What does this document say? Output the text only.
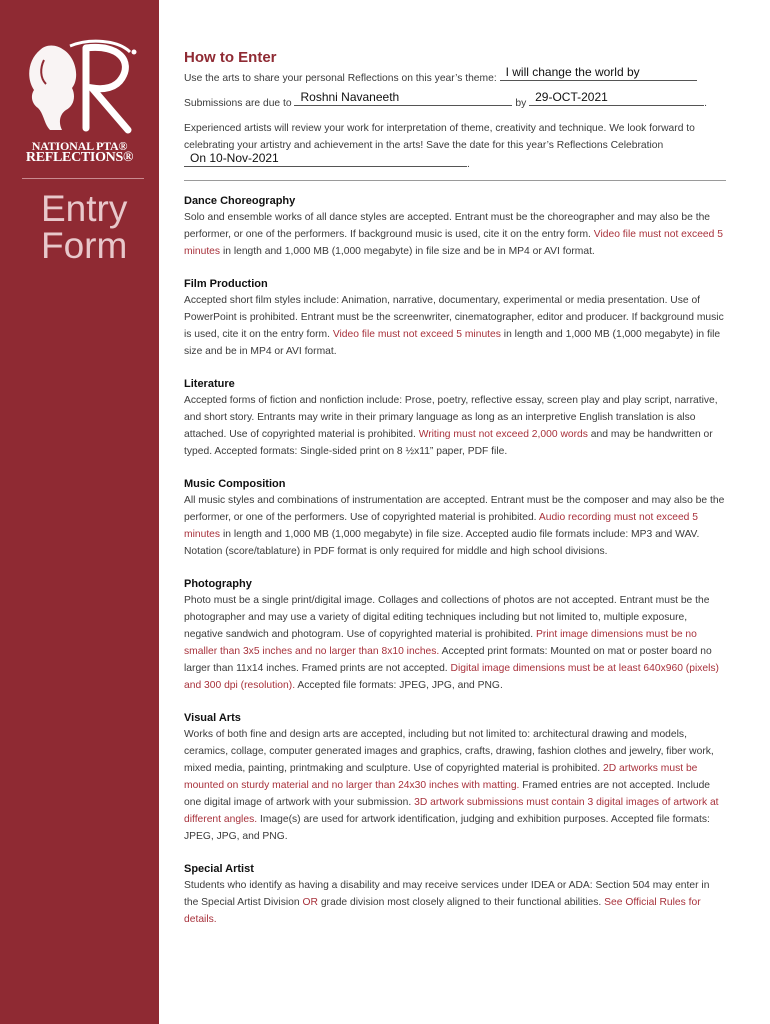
NATIONAL PTA®
REFLECTIONS®
Entry
Form
How to Enter
Use the arts to share your personal Reflections on this year’s theme: I will change the world by
Submissions are due to Roshni Navaneeth	by 29-OCT-2021	.
Experienced artists will review your work for interpretation of theme, creativity and technique. We look forward to celebrating your artistry and achievement in the arts! Save the date for this year’s Reflections Celebration
On 10-Nov-2021	.
Dance Choreography

Solo and ensemble works of all dance styles are accepted. Entrant must be the choreographer and may also be the performer, or one of the performers. If background music is used, cite it on the entry form. Video file must not exceed 5 minutes in length and 1,000 MB (1,000 megabyte) in file size and be in MP4 or AVI format.

Film Production

Accepted short film styles include: Animation, narrative, documentary, experimental or media presentation. Use of PowerPoint is prohibited. Entrant must be the screenwriter, cinematographer, editor and producer. If background music is used, cite it on the entry form. Video file must not exceed 5 minutes in length and 1,000 MB (1,000 megabyte) in file size and be in MP4 or AVI format.

Literature

Accepted forms of fiction and nonfiction include: Prose, poetry, reflective essay, screen play and play script, narrative, and short story. Entrants may write in their primary language as long as an interpretive English translation is also attached. Use of copyrighted material is prohibited. Writing must not exceed 2,000 words and may be handwritten or typed. Accepted formats: Single-sided print on 8 ½x11” paper, PDF file.

Music Composition

All music styles and combinations of instrumentation are accepted. Entrant must be the composer and may also be the performer, or one of the performers. Use of copyrighted material is prohibited. Audio recording must not exceed 5 minutes in length and 1,000 MB (1,000 megabyte) in file size. Accepted audio file formats include: MP3 and WAV. Notation (score/tablature) in PDF format is only required for middle and high school divisions.

Photography

Photo must be a single print/digital image. Collages and collections of photos are not accepted. Entrant must be the photographer and may use a variety of digital editing techniques including but not limited to, multiple exposure, negative sandwich and photogram. Use of copyrighted material is prohibited. Print image dimensions must be no smaller than 3x5 inches and no larger than 8x10 inches. Accepted print formats: Mounted on mat or poster board no larger than 11x14 inches. Framed prints are not accepted. Digital image dimensions must be at least 640x960 (pixels) and 300 dpi (resolution). Accepted file formats: JPEG, JPG, and PNG.

Visual Arts

Works of both fine and design arts are accepted, including but not limited to: architectural drawing and models, ceramics, collage, computer generated images and graphics, crafts, drawing, fashion clothes and jewelry, fiber work, mixed media, painting, printmaking and sculpture. Use of copyrighted material is prohibited. 2D artworks must be mounted on sturdy material and no larger than 24x30 inches with matting. Framed entries are not accepted. Include one digital image of artwork with your submission. 3D artwork submissions must contain 3 digital images of artwork at different angles. Image(s) are used for artwork identification, judging and exhibition purposes. Accepted file formats: JPEG, JPG, and PNG.

Special Artist

Students who identify as having a disability and may receive services under IDEA or ADA: Section 504 may enter in the Special Artist Division OR grade division most closely aligned to their functional abilities. See Official Rules for details.
